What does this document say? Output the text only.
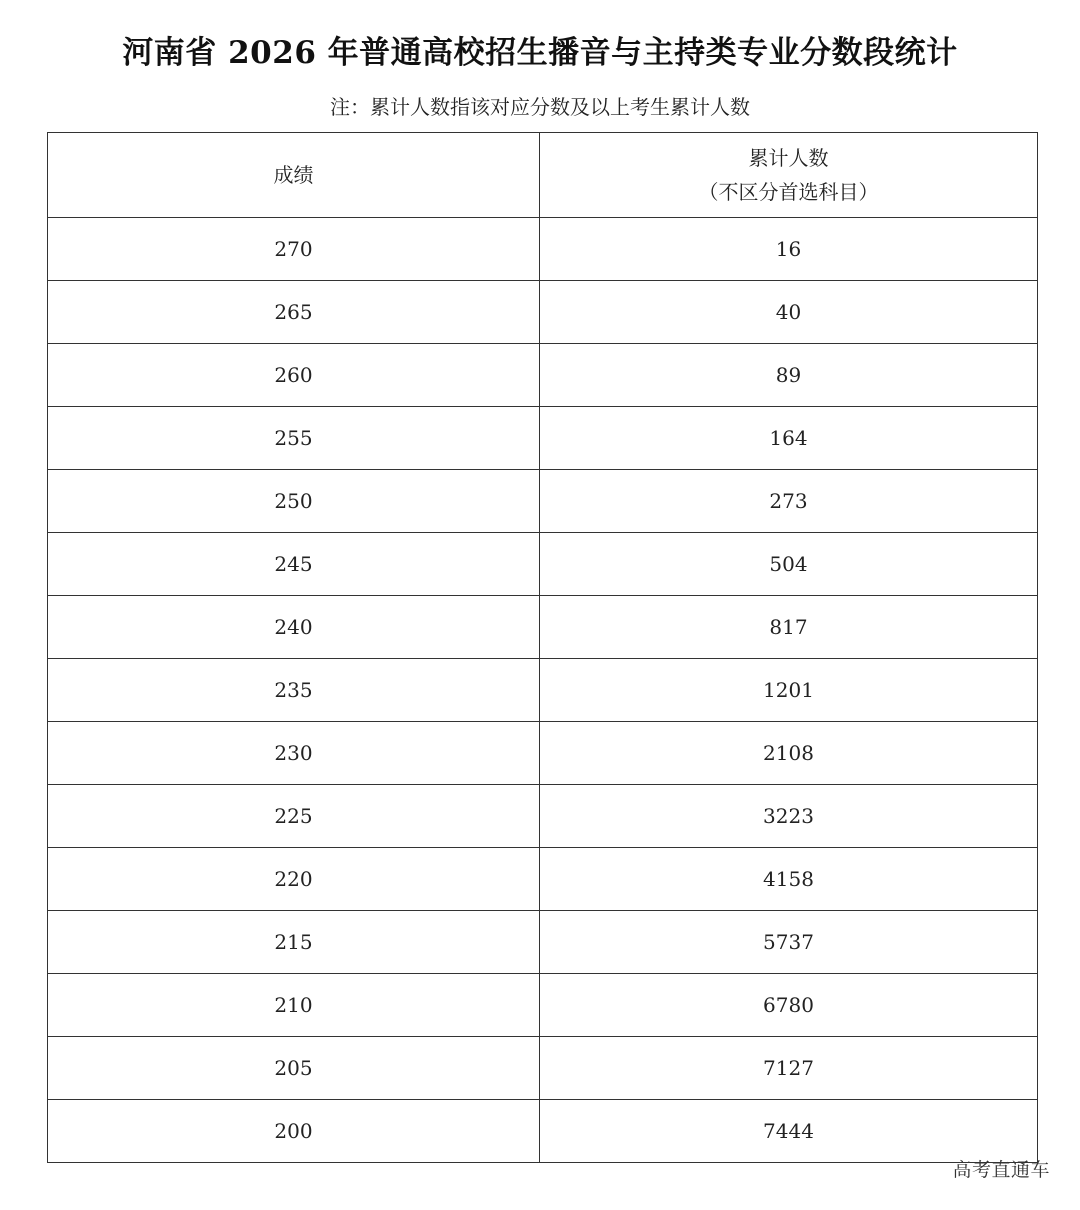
河南省 2026 年普通高校招生播音与主持类专业分数段统计
注：累计人数指该对应分数及以上考生累计人数
成绩	累计人数
（不区分首选科目）

270	16
265	40
260	89
255	164
250	273
245	504
240	817
235	1201
230	2108
225	3223
220	4158
215	5737
210	6780
205	7127
200	7444
高考直通车
